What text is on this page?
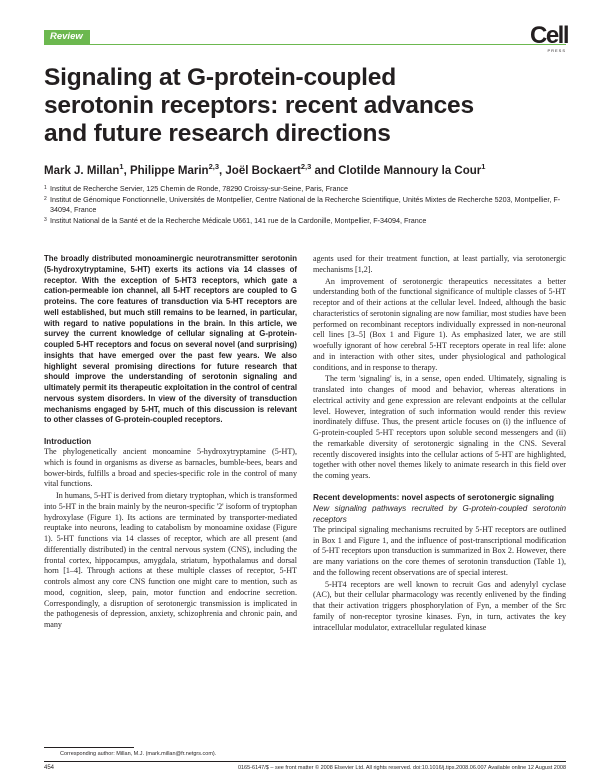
Review	Cell
PRESS
Signaling at G-protein-coupled
serotonin receptors: recent advances
and future research directions
Mark J. Millan$^1$, Philippe Marin$^{2,3}$, Joël Bockaert$^{2,3}$ and Clotilde Mannoury la Cour$^1$
1 Institut de Recherche Servier, 125 Chemin de Ronde, 78290 Croissy-sur-Seine, Paris, France
2 Institut de Génomique Fonctionnelle, Universités de Montpellier, Centre National de la Recherche Scientifique, Unités Mixtes de Recherche 5203, Montpellier, F-34094, France
3 Institut National de la Santé et de la Recherche Médicale U661, 141 rue de la Cardonille, Montpellier, F-34094, France

The broadly distributed monoaminergic neurotransmitter serotonin (5-hydroxytryptamine, 5-HT) exerts its actions via 14 classes of receptor. With the exception of 5-HT3 receptors, which gate a cation-permeable ion channel, all 5-HT receptors are coupled to G proteins. The core features of transduction via 5-HT receptors are well established, but much still remains to be learned, in particular, with regard to native populations in the brain. In this article, we survey the current knowledge of cellular signaling at G-protein-coupled 5-HT receptors and focus on several novel (and surprising) insights that have emerged over the past few years. We also highlight several promising directions for future research that should improve the understanding of serotonin signaling and ultimately permit its therapeutic exploitation in the control of central nervous system disorders. In view of the diversity of transduction mechanisms engaged by 5-HT, much of this discussion is relevant to other classes of G-protein-coupled receptors.

Introduction

The phylogenetically ancient monoamine 5-hydroxytryptamine (5-HT), which is found in organisms as diverse as barnacles, bumble-bees, bears and bower-birds, fulfills a broad and species-specific role in the control of many vital functions.

In humans, 5-HT is derived from dietary tryptophan, which is transformed into 5-HT in the brain mainly by the neuron-specific '2' isoform of tryptophan hydroxylase (Figure 1). Its actions are terminated by transporter-mediated reuptake into neurons, leading to catabolism by monoamine oxidase (Figure 1). 5-HT functions via 14 classes of receptor, which are all present (and differentially distributed) in the central nervous system (CNS), including the frontal cortex, hippocampus, amygdala, striatum, hypothalamus and dorsal horn [1–4]. Through actions at these multiple classes of receptor, 5-HT controls almost any core CNS function one might care to mention, such as mood, cognition, sleep, pain, motor function and endocrine secretion. Correspondingly, a disruption of serotonergic transmission is implicated in the pathogenesis of depression, anxiety, schizophrenia and chronic pain, and many

agents used for their treatment function, at least partially, via serotonergic mechanisms [1,2].

An improvement of serotonergic therapeutics necessitates a better understanding both of the functional significance of multiple classes of 5-HT receptor and of their actions at the cellular level. Indeed, although the basic characteristics of serotonin signaling are now familiar, most studies have been performed on recombinant receptors individually expressed in non-neuronal cell lines [3–5] (Box 1 and Figure 1). As emphasized later, we are still woefully ignorant of how cerebral 5-HT receptors operate in real life: alone and in interaction with other sites, under physiological and pathological conditions, and in response to therapy.

The term 'signaling' is, in a sense, open ended. Ultimately, signaling is translated into changes of mood and behavior, whereas alterations in electrical activity and gene expression are relevant endpoints at the cellular level. However, integration of such information would render this review inordinately diffuse. Thus, the present article focuses on (i) the influence of G-protein-coupled 5-HT receptors upon soluble second messengers and (ii) the remarkable diversity of serotonergic signaling in the CNS. Several recently discovered insights into the cellular actions of 5-HT are highlighted, together with other novel themes likely to animate research in this field over the coming years.

Recent developments: novel aspects of serotonergic signaling
New signaling pathways recruited by G-protein-coupled serotonin receptors

The principal signaling mechanisms recruited by 5-HT receptors are outlined in Box 1 and Figure 1, and the influence of post-transcriptional modification of 5-HT receptors upon transduction is summarized in Box 2. However, there are many variations on the core themes of serotonin transduction (Table 1), and the following recent observations are of special interest.

5-HT4 receptors are well known to recruit Gαs and adenylyl cyclase (AC), but their cellular pharmacology was recently enlivened by the finding that their activation triggers phosphorylation of Fyn, a member of the Src family of non-receptor tyrosine kinases. Fyn, in turn, activates the key intracellular modulator, extracellular regulated kinase

Corresponding author: Millan, M.J. (mark.millan@fr.netgrs.com).
454	0165-6147/$ – see front matter © 2008 Elsevier Ltd. All rights reserved. doi:10.1016/j.tips.2008.06.007 Available online 12 August 2008
